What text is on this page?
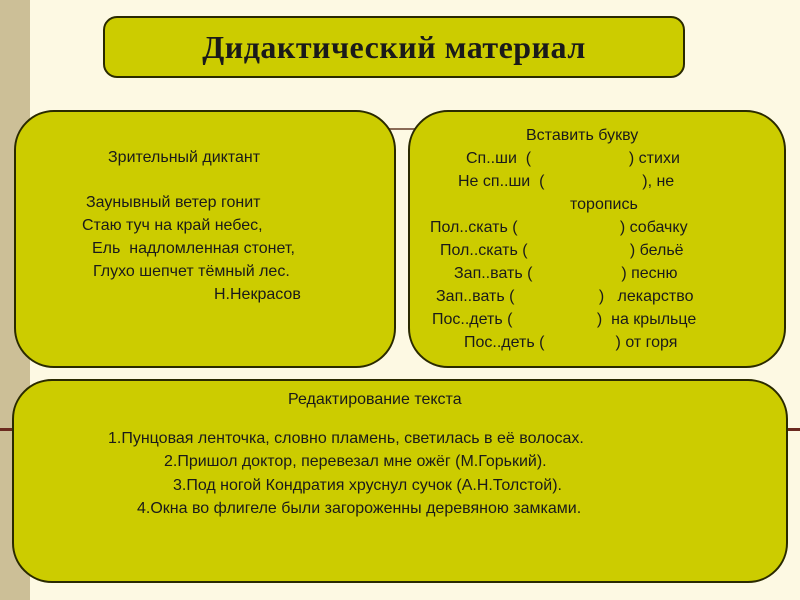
Дидактический материал
Зрительный диктант
Заунывный ветер гонит
Стаю туч на край небес,
Ель  надломленная стонет,
Глухо шепчет тёмный лес.
Н.Некрасов
Вставить букву
Сп..ши  (                      ) стихи
Не сп..ши  (                      ), не
торопись
Пол..скать (                       ) собачку
Пол..скать (                       ) бельё
Зап..вать (                    ) песню
Зап..вать (                   )   лекарство
Пос..деть (                   )  на крыльце
Пос..деть (                ) от горя
Редактирование текста
1.Пунцовая ленточка, словно пламень, светилась в её волосах.
2.Пришол доктор, перевезал мне ожёг (М.Горький).
3.Под ногой Кондратия хруснул сучок (А.Н.Толстой).
4.Окна во флигеле были загороженны деревяною замками.
